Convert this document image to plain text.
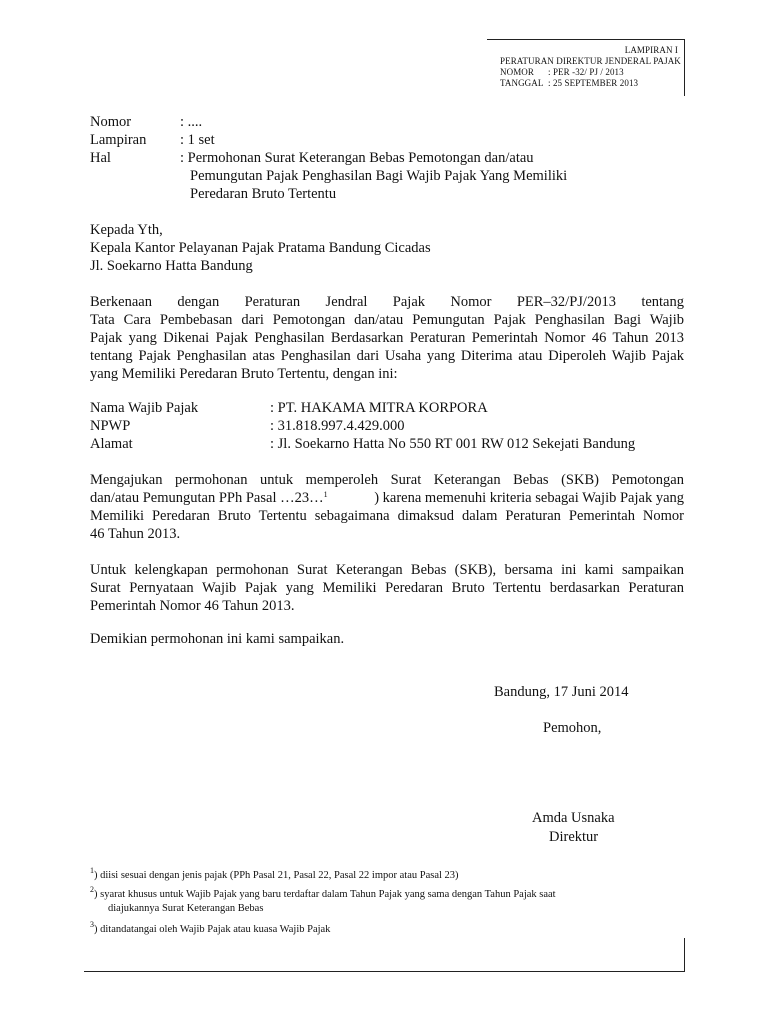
LAMPIRAN I
PERATURAN DIREKTUR JENDERAL PAJAK
NOMOR : PER -32/ PJ / 2013
TANGGAL : 25 SEPTEMBER 2013
Nomor	: ....
Lampiran : 1 set
Hal	: Permohonan Surat Keterangan Bebas Pemotongan dan/atau
Pemungutan Pajak Penghasilan Bagi Wajib Pajak Yang Memiliki
Peredaran Bruto Tertentu
Kepada Yth,
Kepala Kantor Pelayanan Pajak Pratama Bandung Cicadas
Jl. Soekarno Hatta Bandung
Berkenaan dengan Peraturan Jendral Pajak Nomor PER–32/PJ/2013 tentang
Tata Cara Pembebasan dari Pemotongan dan/atau Pemungutan Pajak Penghasilan Bagi Wajib
Pajak yang Dikenai Pajak Penghasilan Berdasarkan Peraturan Pemerintah Nomor 46 Tahun 2013
tentang Pajak Penghasilan atas Penghasilan dari Usaha yang Diterima atau Diperoleh Wajib Pajak
yang Memiliki Peredaran Bruto Tertentu, dengan ini:
Nama Wajib Pajak	: PT. HAKAMA MITRA KORPORA
NPWP	: 31.818.997.4.429.000
Alamat	: Jl. Soekarno Hatta No 550 RT 001 RW 012 Sekejati Bandung
Mengajukan permohonan untuk memperoleh Surat Keterangan Bebas (SKB) Pemotongan
dan/atau Pemungutan PPh Pasal …23…$^1$	) karena memenuhi kriteria sebagai Wajib Pajak yang
Memiliki Peredaran Bruto Tertentu sebagaimana dimaksud dalam Peraturan Pemerintah Nomor
46 Tahun 2013.
Untuk kelengkapan permohonan Surat Keterangan Bebas (SKB), bersama ini kami sampaikan
Surat Pernyataan Wajib Pajak yang Memiliki Peredaran Bruto Tertentu berdasarkan Peraturan
Pemerintah Nomor 46 Tahun 2013.
Demikian permohonan ini kami sampaikan.
Bandung, 17 Juni 2014
Pemohon,
Amda Usnaka
Direktur
$^1$) diisi sesuai dengan jenis pajak (PPh Pasal 21, Pasal 22, Pasal 22 impor atau Pasal 23)
$^2$) syarat khusus untuk Wajib Pajak yang baru terdaftar dalam Tahun Pajak yang sama dengan Tahun Pajak saat
diajukannya Surat Keterangan Bebas
$^3$) ditandatangai oleh Wajib Pajak atau kuasa Wajib Pajak
